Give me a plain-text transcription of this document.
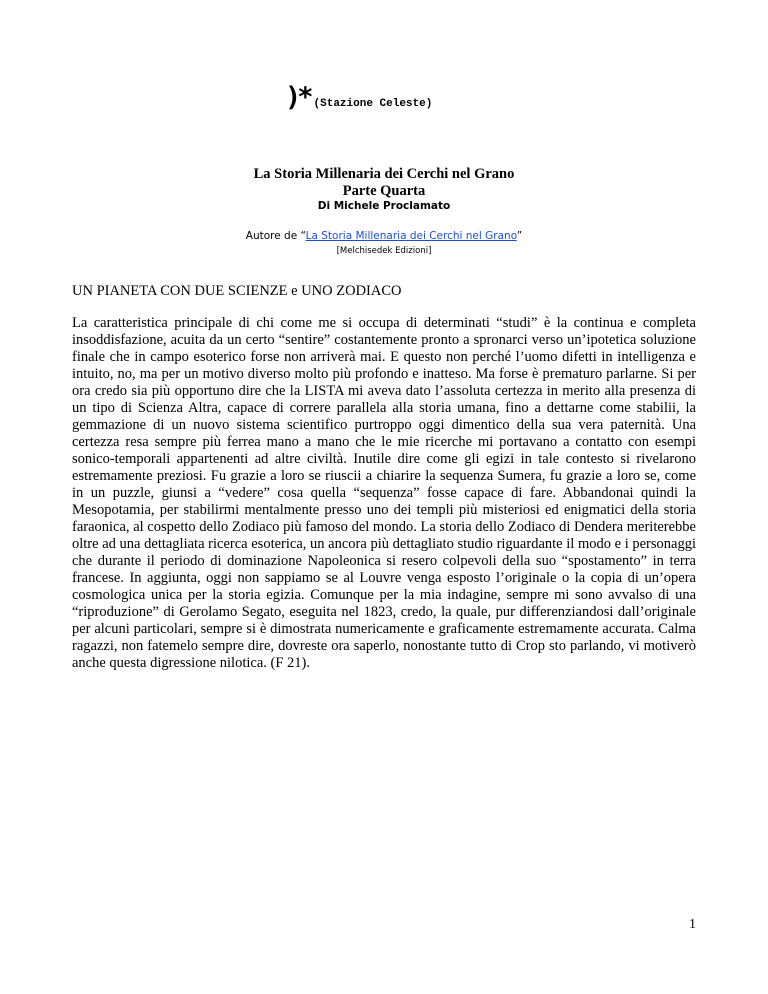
)* (Stazione Celeste)
La Storia Millenaria dei Cerchi nel Grano
Parte Quarta
Di Michele Proclamato
Autore de “La Storia Millenaria dei Cerchi nel Grano”
[Melchisedek Edizioni]
UN PIANETA CON DUE SCIENZE e UNO ZODIACO

La caratteristica principale di chi come me si occupa di determinati “studi” è la continua e completa insoddisfazione, acuita da un certo “sentire” costantemente pronto a spronarci verso un’ipotetica soluzione finale che in campo esoterico forse non arriverà mai. E questo non perché l’uomo difetti in intelligenza e intuito, no, ma per un motivo diverso molto più profondo e inatteso. Ma forse è prematuro parlarne. Si per ora credo sia più opportuno dire che la LISTA mi aveva dato l’assoluta certezza in merito alla presenza di un tipo di Scienza Altra, capace di correre parallela alla storia umana, fino a dettarne come stabilii, la gemmazione di un nuovo sistema scientifico purtroppo oggi dimentico della sua vera paternità. Una certezza resa sempre più ferrea mano a mano che le mie ricerche mi portavano a contatto con esempi sonico-temporali appartenenti ad altre civiltà. Inutile dire come gli egizi in tale contesto si rivelarono estremamente preziosi. Fu grazie a loro se riuscii a chiarire la sequenza Sumera, fu grazie a loro se, come in un puzzle, giunsi a “vedere” cosa quella “sequenza” fosse capace di fare. Abbandonai quindi la Mesopotamia, per stabilirmi mentalmente presso uno dei templi più misteriosi ed enigmatici della storia faraonica, al cospetto dello Zodiaco più famoso del mondo. La storia dello Zodiaco di Dendera meriterebbe oltre ad una dettagliata ricerca esoterica, un ancora più dettagliato studio riguardante il modo e i personaggi che durante il periodo di dominazione Napoleonica si resero colpevoli della suo “spostamento” in terra francese. In aggiunta, oggi non sappiamo se al Louvre venga esposto l’originale o la copia di un’opera cosmologica unica per la storia egizia. Comunque per la mia indagine, sempre mi sono avvalso di una “riproduzione” di Gerolamo Segato, eseguita nel 1823, credo, la quale, pur differenziandosi dall’originale per alcuni particolari, sempre si è dimostrata numericamente e graficamente estremamente accurata. Calma ragazzi, non fatemelo sempre dire, dovreste ora saperlo, nonostante tutto di Crop sto parlando, vi motiverò anche questa digressione nilotica. (F 21).

1
